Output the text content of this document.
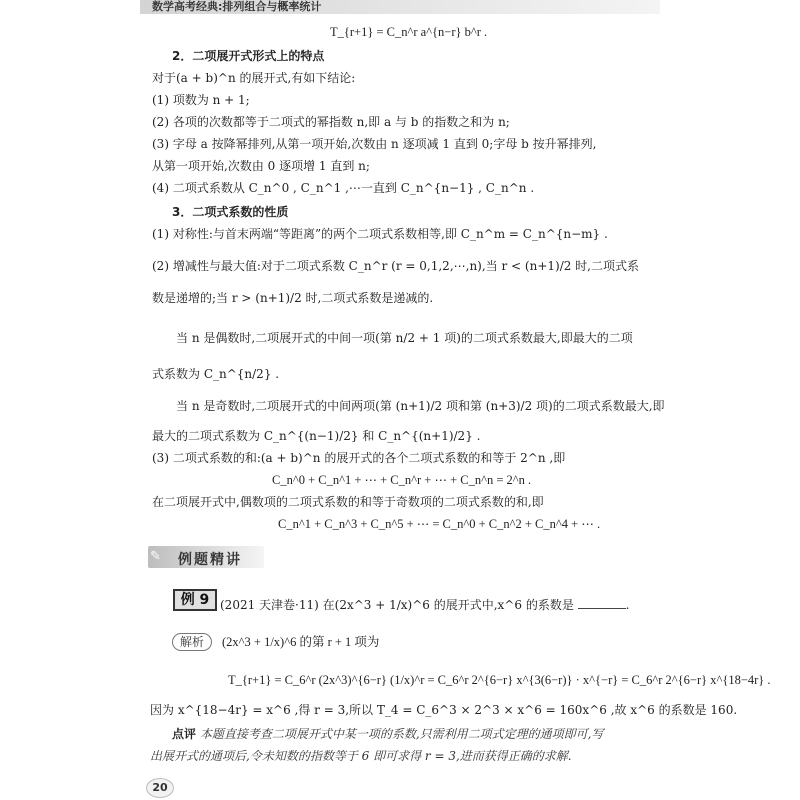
数学高考经典:排列组合与概率统计
T_{r+1} = C_n^r a^{n−r} b^r .
2．二项展开式形式上的特点
对于(a + b)^n 的展开式,有如下结论:
(1) 项数为 n + 1;
(2) 各项的次数都等于二项式的幂指数 n,即 a 与 b 的指数之和为 n;
(3) 字母 a 按降幂排列,从第一项开始,次数由 n 逐项减 1 直到 0;字母 b 按升幂排列,
从第一项开始,次数由 0 逐项增 1 直到 n;
(4) 二项式系数从 C_n^0 , C_n^1 ,⋯一直到 C_n^{n−1} , C_n^n .
3．二项式系数的性质
(1) 对称性:与首末两端“等距离”的两个二项式系数相等,即 C_n^m = C_n^{n−m} .
(2) 增减性与最大值:对于二项式系数 C_n^r (r = 0,1,2,⋯,n),当 r < (n+1)/2 时,二项式系
数是递增的;当 r > (n+1)/2 时,二项式系数是递减的.
当 n 是偶数时,二项展开式的中间一项(第 n/2 + 1 项)的二项式系数最大,即最大的二项
式系数为 C_n^{n/2} .
当 n 是奇数时,二项展开式的中间两项(第 (n+1)/2 项和第 (n+3)/2 项)的二项式系数最大,即
最大的二项式系数为 C_n^{(n−1)/2} 和 C_n^{(n+1)/2} .
(3) 二项式系数的和:(a + b)^n 的展开式的各个二项式系数的和等于 2^n ,即
C_n^0 + C_n^1 + ⋯ + C_n^r + ⋯ + C_n^n = 2^n .
在二项展开式中,偶数项的二项式系数的和等于奇数项的二项式系数的和,即
C_n^1 + C_n^3 + C_n^5 + ⋯ = C_n^0 + C_n^2 + C_n^4 + ⋯ .
✎	例题精讲
例 9 (2021 天津卷·11) 在(2x^3 + 1/x)^6 的展开式中,x^6 的系数是	.
解析	(2x^3 + 1/x)^6 的第 r + 1 项为
T_{r+1} = C_6^r (2x^3)^{6−r} (1/x)^r = C_6^r 2^{6−r} x^{3(6−r)} · x^{−r} = C_6^r 2^{6−r} x^{18−4r} .
因为 x^{18−4r} = x^6 ,得 r = 3,所以 T_4 = C_6^3 × 2^3 × x^6 = 160x^6 ,故 x^6 的系数是 160.
点评 本题直接考查二项展开式中某一项的系数,只需利用二项式定理的通项即可,写
出展开式的通项后,令未知数的指数等于 6 即可求得 r = 3,进而获得正确的求解.
20
